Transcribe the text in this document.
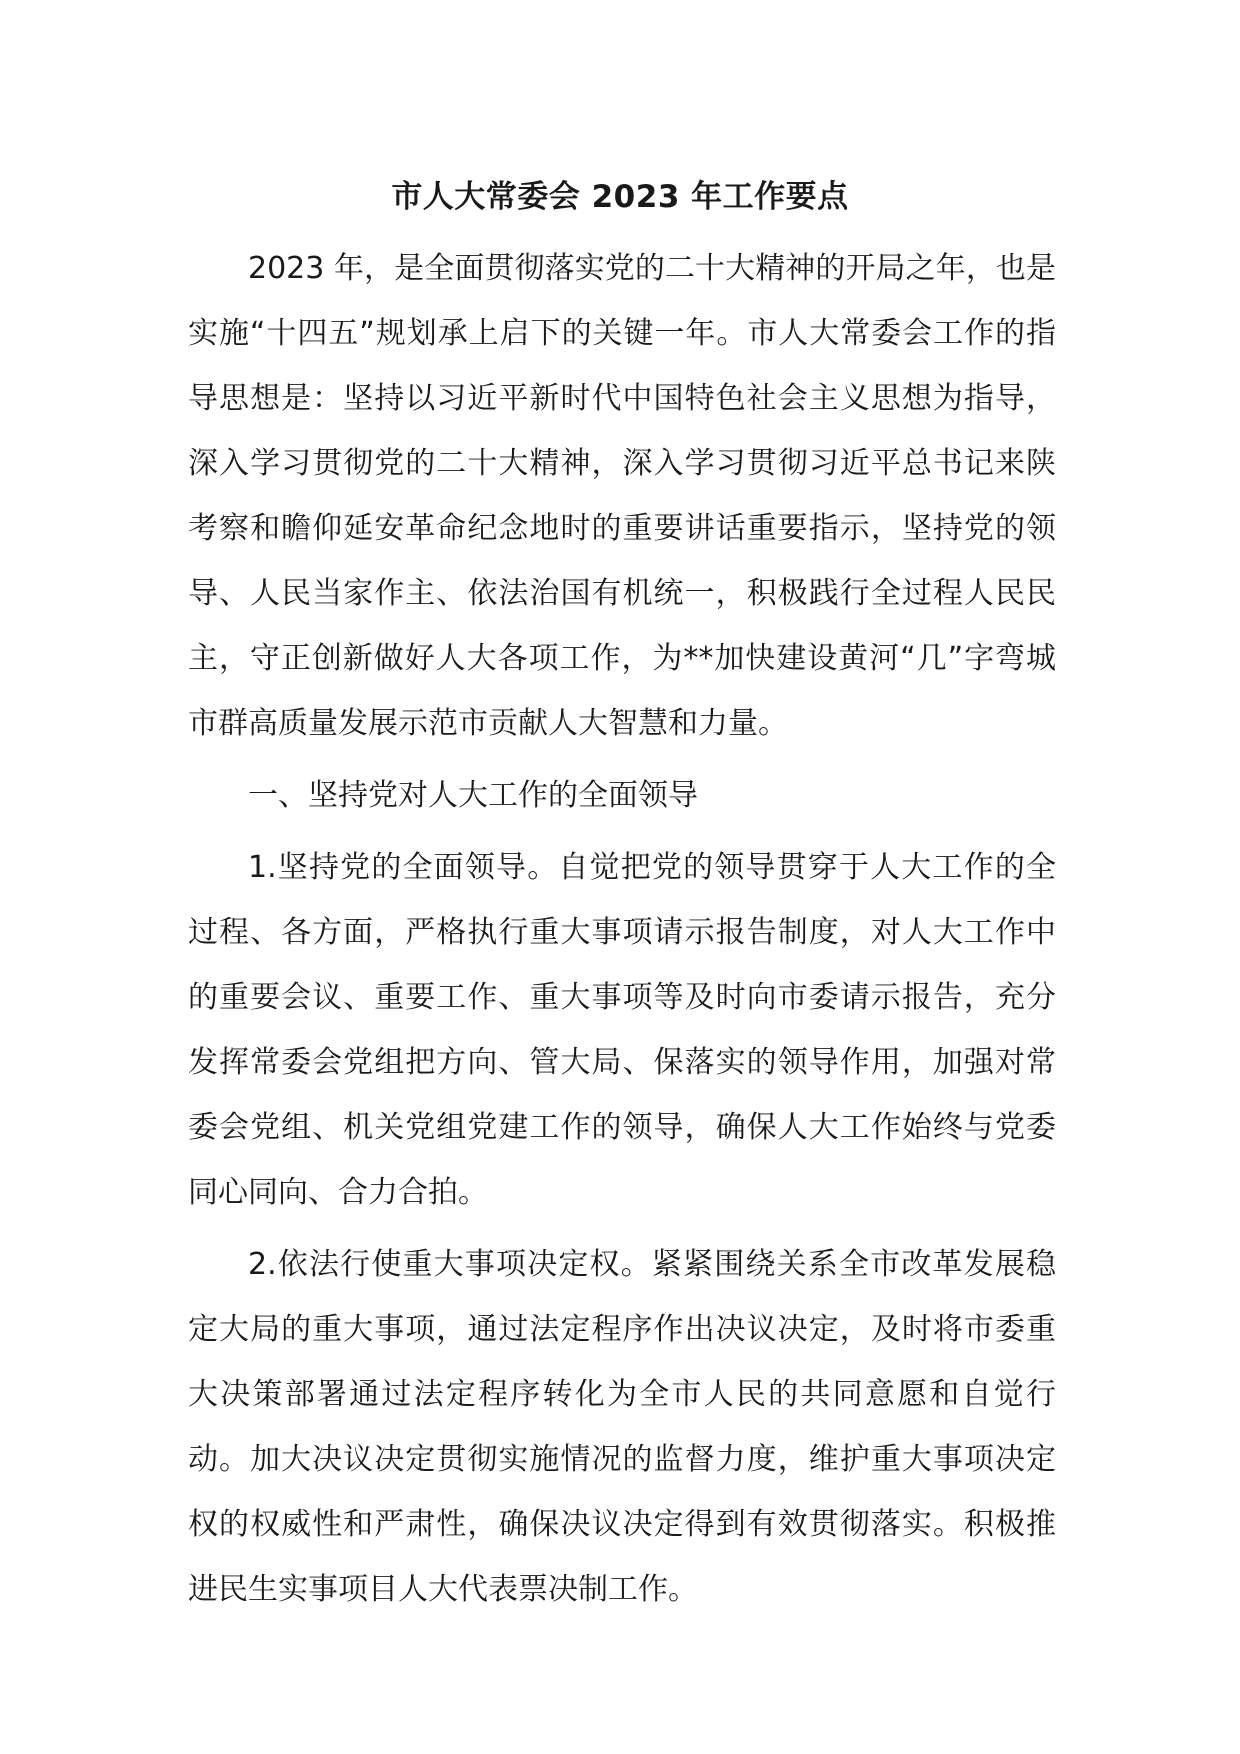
市人大常委会 2023 年工作要点

2023 年，是全面贯彻落实党的二十大精神的开局之年，也是实施“十四五”规划承上启下的关键一年。市人大常委会工作的指导思想是：坚持以习近平新时代中国特色社会主义思想为指导，深入学习贯彻党的二十大精神，深入学习贯彻习近平总书记来陕考察和瞻仰延安革命纪念地时的重要讲话重要指示，坚持党的领导、人民当家作主、依法治国有机统一，积极践行全过程人民民主，守正创新做好人大各项工作，为**加快建设黄河“几”字弯城市群高质量发展示范市贡献人大智慧和力量。

一、坚持党对人大工作的全面领导

1.坚持党的全面领导。自觉把党的领导贯穿于人大工作的全过程、各方面，严格执行重大事项请示报告制度，对人大工作中的重要会议、重要工作、重大事项等及时向市委请示报告，充分发挥常委会党组把方向、管大局、保落实的领导作用，加强对常委会党组、机关党组党建工作的领导，确保人大工作始终与党委同心同向、合力合拍。

2.依法行使重大事项决定权。紧紧围绕关系全市改革发展稳定大局的重大事项，通过法定程序作出决议决定，及时将市委重大决策部署通过法定程序转化为全市人民的共同意愿和自觉行动。加大决议决定贯彻实施情况的监督力度，维护重大事项决定权的权威性和严肃性，确保决议决定得到有效贯彻落实。积极推进民生实事项目人大代表票决制工作。
